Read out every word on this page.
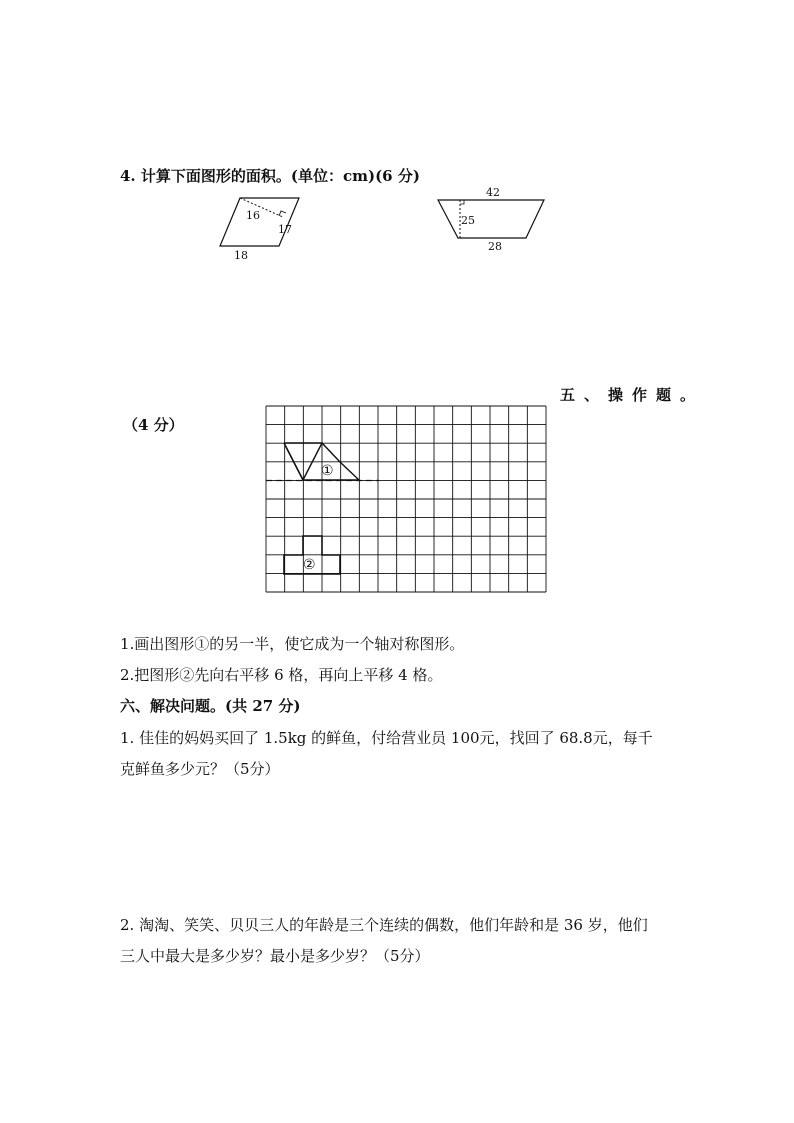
4. 计算下面图形的面积。(单位：cm)(6 分)
16
17
18
42
25
28
五、操作题。
（4 分）
①
②
1.画出图形①的另一半，使它成为一个轴对称图形。
2.把图形②先向右平移 6 格，再向上平移 4 格。
六、解决问题。(共 27 分)
1. 佳佳的妈妈买回了 1.5kg 的鲜鱼，付给营业员 100元，找回了 68.8元，每千
克鲜鱼多少元？（5分）
2. 淘淘、笑笑、贝贝三人的年龄是三个连续的偶数，他们年龄和是 36 岁，他们
三人中最大是多少岁？最小是多少岁？（5分）
